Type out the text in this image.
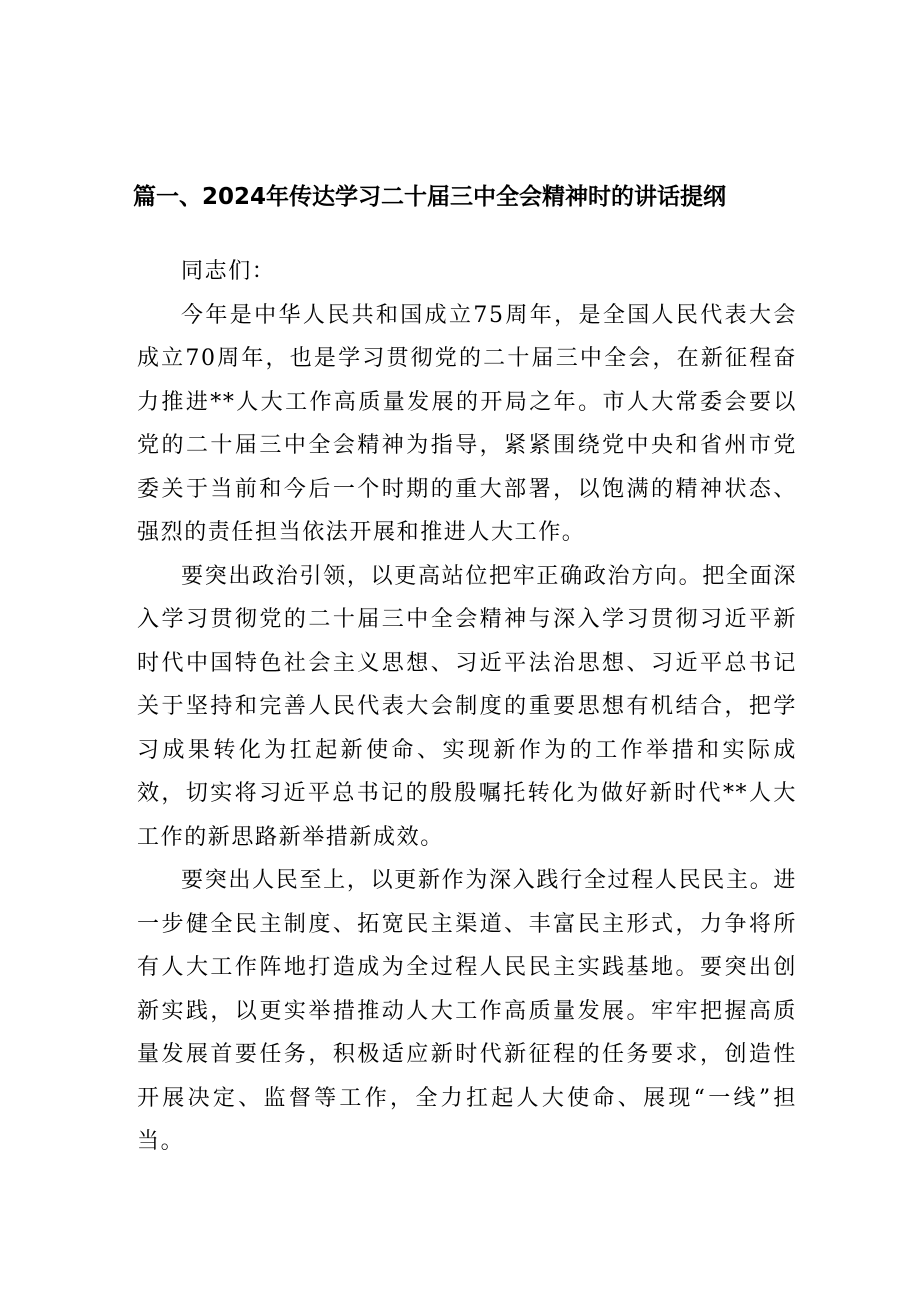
篇一、2024年传达学习二十届三中全会精神时的讲话提纲

同志们：

今年是中华人民共和国成立75周年，是全国人民代表大会成立70周年，也是学习贯彻党的二十届三中全会，在新征程奋力推进**人大工作高质量发展的开局之年。市人大常委会要以党的二十届三中全会精神为指导，紧紧围绕党中央和省州市党委关于当前和今后一个时期的重大部署，以饱满的精神状态、强烈的责任担当依法开展和推进人大工作。

要突出政治引领，以更高站位把牢正确政治方向。把全面深入学习贯彻党的二十届三中全会精神与深入学习贯彻习近平新时代中国特色社会主义思想、习近平法治思想、习近平总书记关于坚持和完善人民代表大会制度的重要思想有机结合，把学习成果转化为扛起新使命、实现新作为的工作举措和实际成效，切实将习近平总书记的殷殷嘱托转化为做好新时代**人大工作的新思路新举措新成效。

要突出人民至上，以更新作为深入践行全过程人民民主。进一步健全民主制度、拓宽民主渠道、丰富民主形式，力争将所有人大工作阵地打造成为全过程人民民主实践基地。要突出创新实践，以更实举措推动人大工作高质量发展。牢牢把握高质量发展首要任务，积极适应新时代新征程的任务要求，创造性开展决定、监督等工作，全力扛起人大使命、展现“一线”担当。
